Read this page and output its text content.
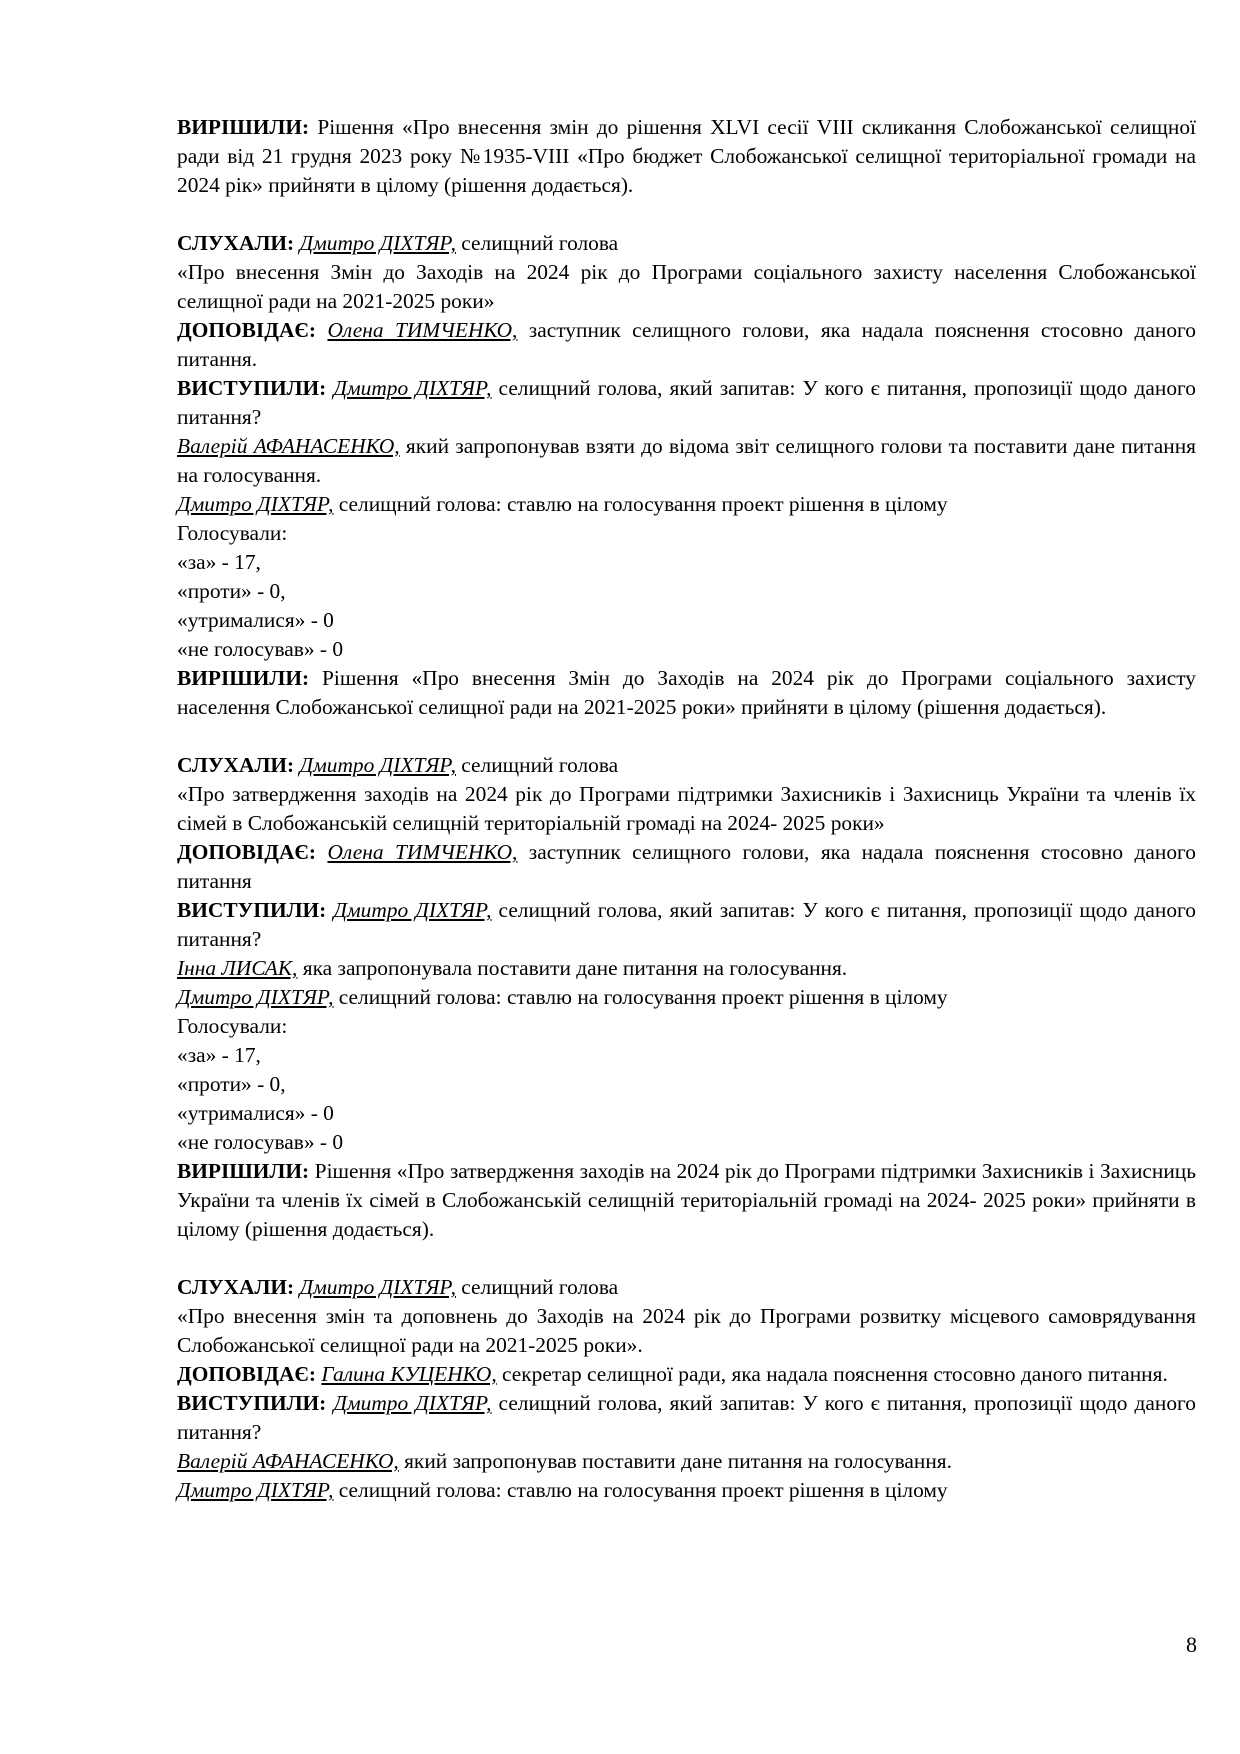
ВИРІШИЛИ: Рішення «Про внесення змін до рішення XLVI сесії VIII скликання Слобожанської селищної ради від 21 грудня 2023 року №1935-VIII «Про бюджет Слобожанської селищної територіальної громади на 2024 рік» прийняти в цілому (рішення додається).
СЛУХАЛИ: Дмитро ДІХТЯР, селищний голова
«Про внесення Змін до Заходів на 2024 рік до Програми соціального захисту населення Слобожанської селищної ради на 2021-2025 роки»
ДОПОВІДАЄ: Олена ТИМЧЕНКО, заступник селищного голови, яка надала пояснення стосовно даного питання.
ВИСТУПИЛИ: Дмитро ДІХТЯР, селищний голова, який запитав: У кого є питання, пропозиції щодо даного питання?
Валерій АФАНАСЕНКО, який запропонував взяти до відома звіт селищного голови та поставити дане питання на голосування.
Дмитро ДІХТЯР, селищний голова: ставлю на голосування проект рішення в цілому
Голосували:
«за» - 17,
«проти» - 0,
«утрималися» - 0
«не голосував» - 0
ВИРІШИЛИ: Рішення «Про внесення Змін до Заходів на 2024 рік до Програми соціального захисту населення Слобожанської селищної ради на 2021-2025 роки» прийняти в цілому (рішення додається).
СЛУХАЛИ: Дмитро ДІХТЯР, селищний голова
«Про затвердження заходів на 2024 рік до Програми підтримки Захисників і Захисниць України та членів їх сімей в Слобожанській селищній територіальній громаді на 2024- 2025 роки»
ДОПОВІДАЄ: Олена ТИМЧЕНКО, заступник селищного голови, яка надала пояснення стосовно даного питання
ВИСТУПИЛИ: Дмитро ДІХТЯР, селищний голова, який запитав: У кого є питання, пропозиції щодо даного питання?
Інна ЛИСАК, яка запропонувала поставити дане питання на голосування.
Дмитро ДІХТЯР, селищний голова: ставлю на голосування проект рішення в цілому
Голосували:
«за» - 17,
«проти» - 0,
«утрималися» - 0
«не голосував» - 0
ВИРІШИЛИ: Рішення «Про затвердження заходів на 2024 рік до Програми підтримки Захисників і Захисниць України та членів їх сімей в Слобожанській селищній територіальній громаді на 2024- 2025 роки» прийняти в цілому (рішення додається).
СЛУХАЛИ: Дмитро ДІХТЯР, селищний голова
«Про внесення змін та доповнень до Заходів на 2024 рік до Програми розвитку місцевого самоврядування Слобожанської селищної ради на 2021-2025 роки».
ДОПОВІДАЄ: Галина КУЦЕНКО, секретар селищної ради, яка надала пояснення стосовно даного питання.
ВИСТУПИЛИ: Дмитро ДІХТЯР, селищний голова, який запитав: У кого є питання, пропозиції щодо даного питання?
Валерій АФАНАСЕНКО, який запропонував поставити дане питання на голосування.
Дмитро ДІХТЯР, селищний голова: ставлю на голосування проект рішення в цілому
8
